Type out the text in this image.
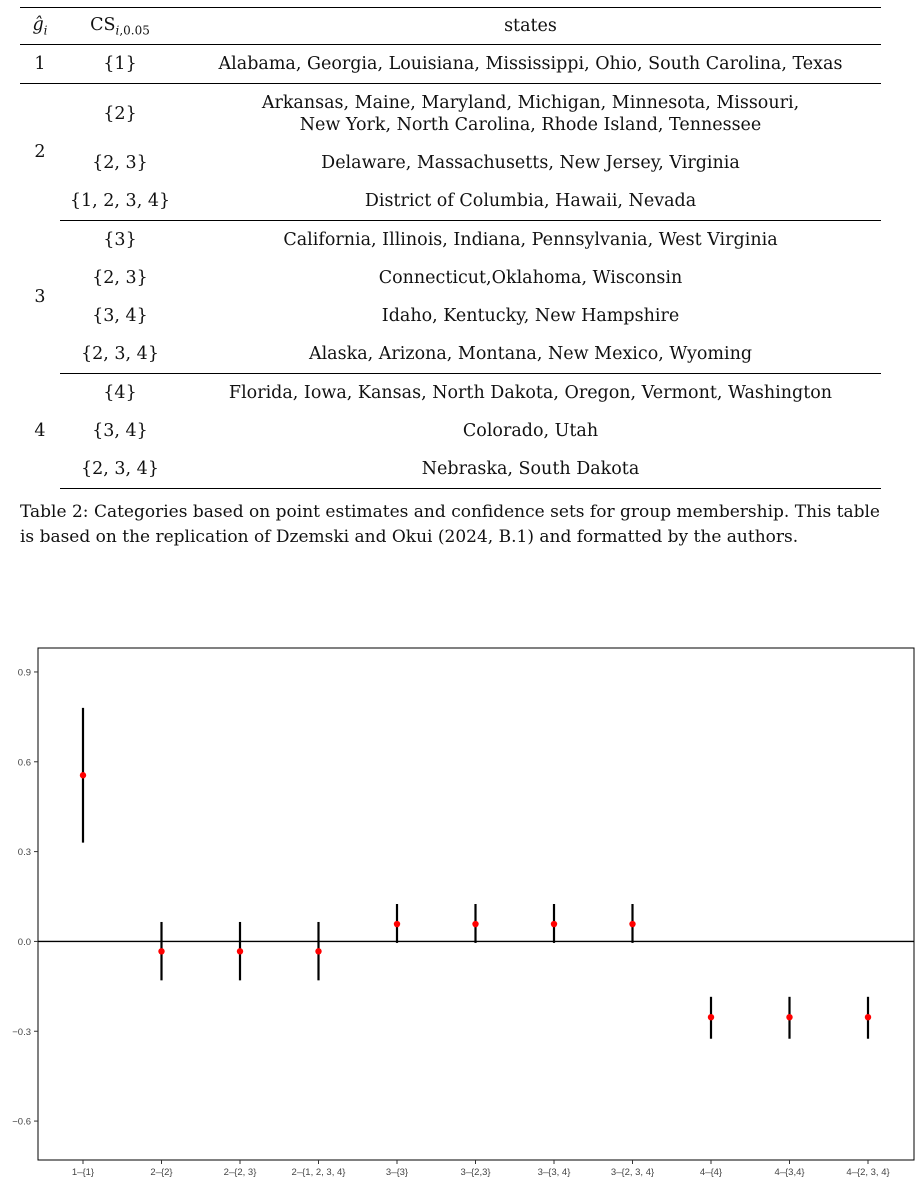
$ĝ_i$	$CS_{i,0.05}$	states
1	{1}	Alabama, Georgia, Louisiana, Mississippi, Ohio, South Carolina, Texas

2	{2}	Arkansas, Maine, Maryland, Michigan, Minnesota, Missouri,
New York, North Carolina, Rhode Island, Tennessee

	{2, 3}	Delaware, Massachusetts, New Jersey, Virginia

	{1, 2, 3, 4}	District of Columbia, Hawaii, Nevada

3	{3}	California, Illinois, Indiana, Pennsylvania, West Virginia

	{2, 3}	Connecticut,Oklahoma, Wisconsin

	{3, 4}	Idaho, Kentucky, New Hampshire

	{2, 3, 4}	Alaska, Arizona, Montana, New Mexico, Wyoming

4	{4}	Florida, Iowa, Kansas, North Dakota, Oregon, Vermont, Washington

	{3, 4}	Colorado, Utah

	{2, 3, 4}	Nebraska, South Dakota
Table 2: Categories based on point estimates and confidence sets for group membership. This table is based on the replication of Dzemski and Okui (2024, B.1) and formatted by the authors.
−0.6
−0.3
0.0
0.3
0.6
0.9
1–{1}	2–{2}	2–{2, 3}	2–{1, 2, 3, 4}	3–{3}	3–{2,3}	3–{3, 4}	3–{2, 3, 4}	4–{4}	4–{3,4}	4–{2, 3, 4}
